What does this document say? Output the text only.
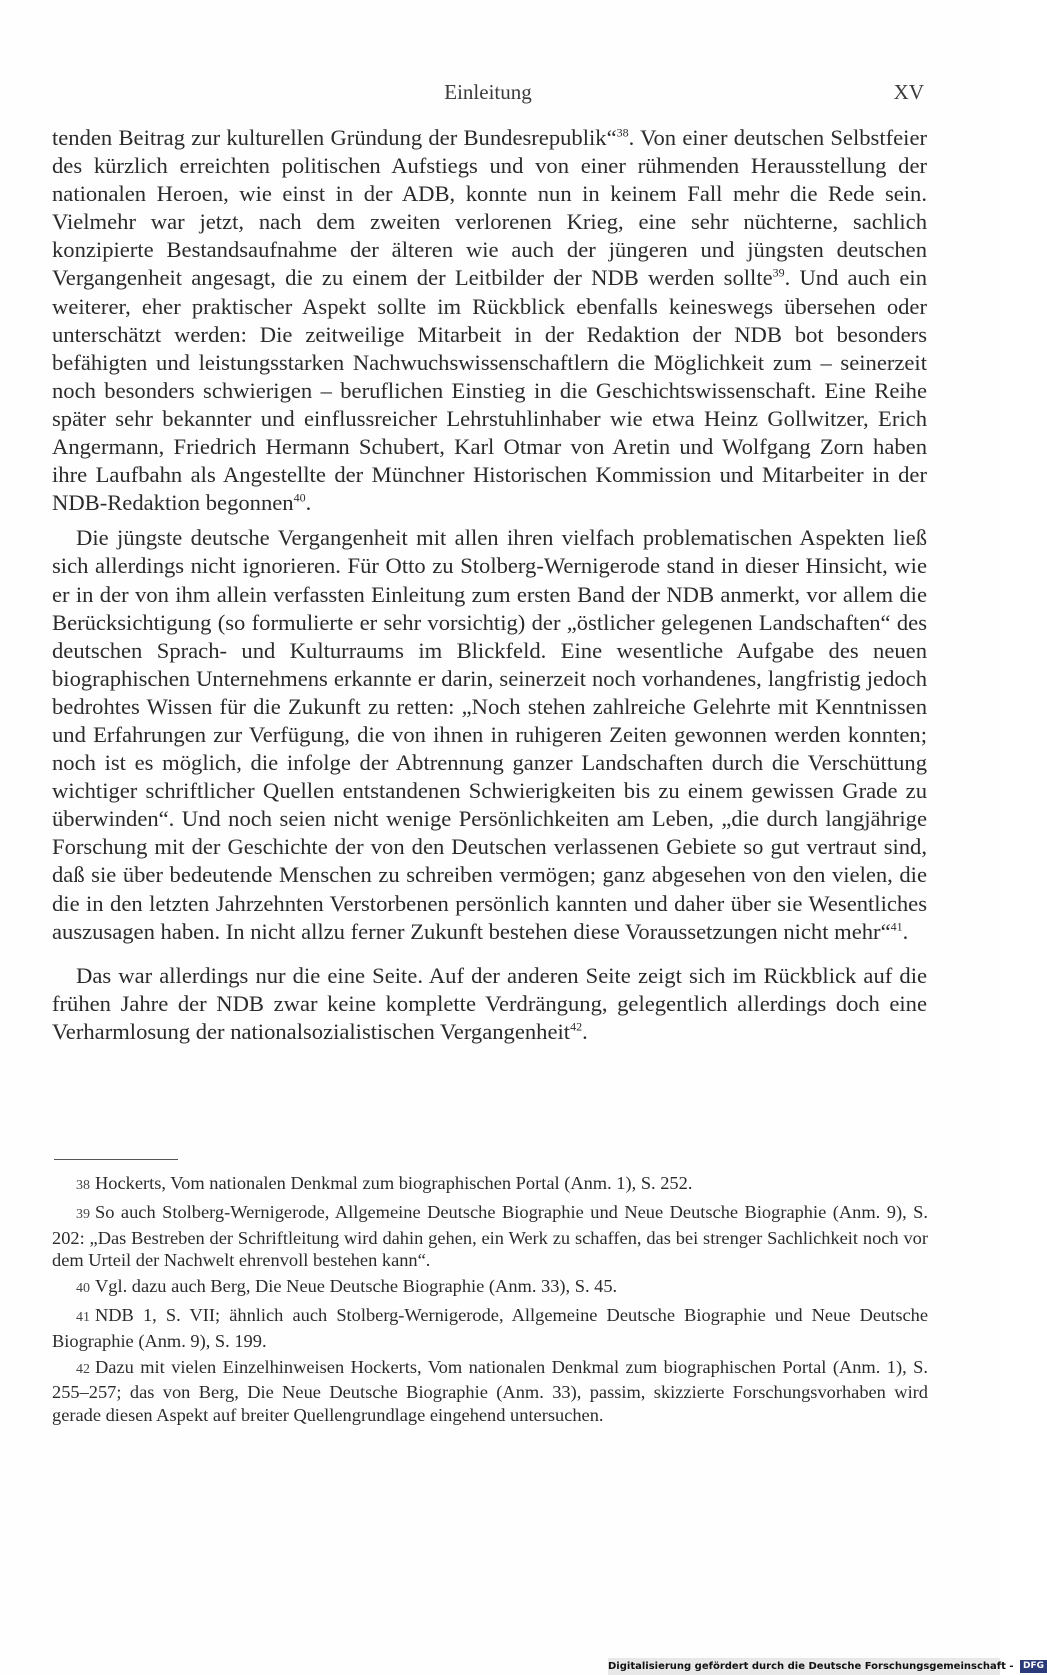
Einleitung	XV

tenden Beitrag zur kulturellen Gründung der Bundesrepublik“$^{38}$. Von einer deutschen Selbstfeier des kürzlich erreichten politischen Aufstiegs und von einer rühmenden Herausstellung der nationalen Heroen, wie einst in der ADB, konnte nun in keinem Fall mehr die Rede sein. Vielmehr war jetzt, nach dem zweiten verlorenen Krieg, eine sehr nüchterne, sachlich konzipierte Bestandsaufnahme der älteren wie auch der jüngeren und jüngsten deutschen Vergangenheit angesagt, die zu einem der Leitbilder der NDB werden sollte$^{39}$. Und auch ein weiterer, eher praktischer Aspekt sollte im Rückblick ebenfalls keineswegs übersehen oder unterschätzt werden: Die zeitweilige Mitarbeit in der Redaktion der NDB bot besonders befähigten und leistungsstarken Nachwuchswissenschaftlern die Möglichkeit zum – seinerzeit noch besonders schwierigen – beruflichen Einstieg in die Geschichtswissenschaft. Eine Reihe später sehr bekannter und einflussreicher Lehrstuhlinhaber wie etwa Heinz Gollwitzer, Erich Angermann, Friedrich Hermann Schubert, Karl Otmar von Aretin und Wolfgang Zorn haben ihre Laufbahn als Angestellte der Münchner Historischen Kommission und Mitarbeiter in der NDB-Redaktion begonnen$^{40}$.

Die jüngste deutsche Vergangenheit mit allen ihren vielfach problematischen Aspekten ließ sich allerdings nicht ignorieren. Für Otto zu Stolberg-Wernigerode stand in dieser Hinsicht, wie er in der von ihm allein verfassten Einleitung zum ersten Band der NDB anmerkt, vor allem die Berücksichtigung (so formulierte er sehr vorsichtig) der „östlicher gelegenen Landschaften“ des deutschen Sprach- und Kulturraums im Blickfeld. Eine wesentliche Aufgabe des neuen biographischen Unternehmens erkannte er darin, seinerzeit noch vorhandenes, langfristig jedoch bedrohtes Wissen für die Zukunft zu retten: „Noch stehen zahlreiche Gelehrte mit Kenntnissen und Erfahrungen zur Verfügung, die von ihnen in ruhigeren Zeiten gewonnen werden konnten; noch ist es möglich, die infolge der Abtrennung ganzer Landschaften durch die Verschüttung wichtiger schriftlicher Quellen entstandenen Schwierigkeiten bis zu einem gewissen Grade zu überwinden“. Und noch seien nicht wenige Persönlichkeiten am Leben, „die durch langjährige Forschung mit der Geschichte der von den Deutschen verlassenen Gebiete so gut vertraut sind, daß sie über bedeutende Menschen zu schreiben vermögen; ganz abgesehen von den vielen, die die in den letzten Jahrzehnten Verstorbenen persönlich kannten und daher über sie Wesentliches auszusagen haben. In nicht allzu ferner Zukunft bestehen diese Voraussetzungen nicht mehr“$^{41}$.

Das war allerdings nur die eine Seite. Auf der anderen Seite zeigt sich im Rückblick auf die frühen Jahre der NDB zwar keine komplette Verdrängung, gelegentlich allerdings doch eine Verharmlosung der nationalsozialistischen Vergangenheit$^{42}$.

38 Hockerts, Vom nationalen Denkmal zum biographischen Portal (Anm. 1), S. 252.

39 So auch Stolberg-Wernigerode, Allgemeine Deutsche Biographie und Neue Deutsche Biographie (Anm. 9), S. 202: „Das Bestreben der Schriftleitung wird dahin gehen, ein Werk zu schaffen, das bei strenger Sachlichkeit noch vor dem Urteil der Nachwelt ehrenvoll bestehen kann“.

40 Vgl. dazu auch Berg, Die Neue Deutsche Biographie (Anm. 33), S. 45.

41 NDB 1, S. VII; ähnlich auch Stolberg-Wernigerode, Allgemeine Deutsche Biographie und Neue Deutsche Biographie (Anm. 9), S. 199.

42 Dazu mit vielen Einzelhinweisen Hockerts, Vom nationalen Denkmal zum biographischen Portal (Anm. 1), S. 255–257; das von Berg, Die Neue Deutsche Biographie (Anm. 33), passim, skizzierte Forschungsvorhaben wird gerade diesen Aspekt auf breiter Quellengrundlage eingehend untersuchen.

Digitalisierung gefördert durch die Deutsche Forschungsgemeinschaft - DFG
